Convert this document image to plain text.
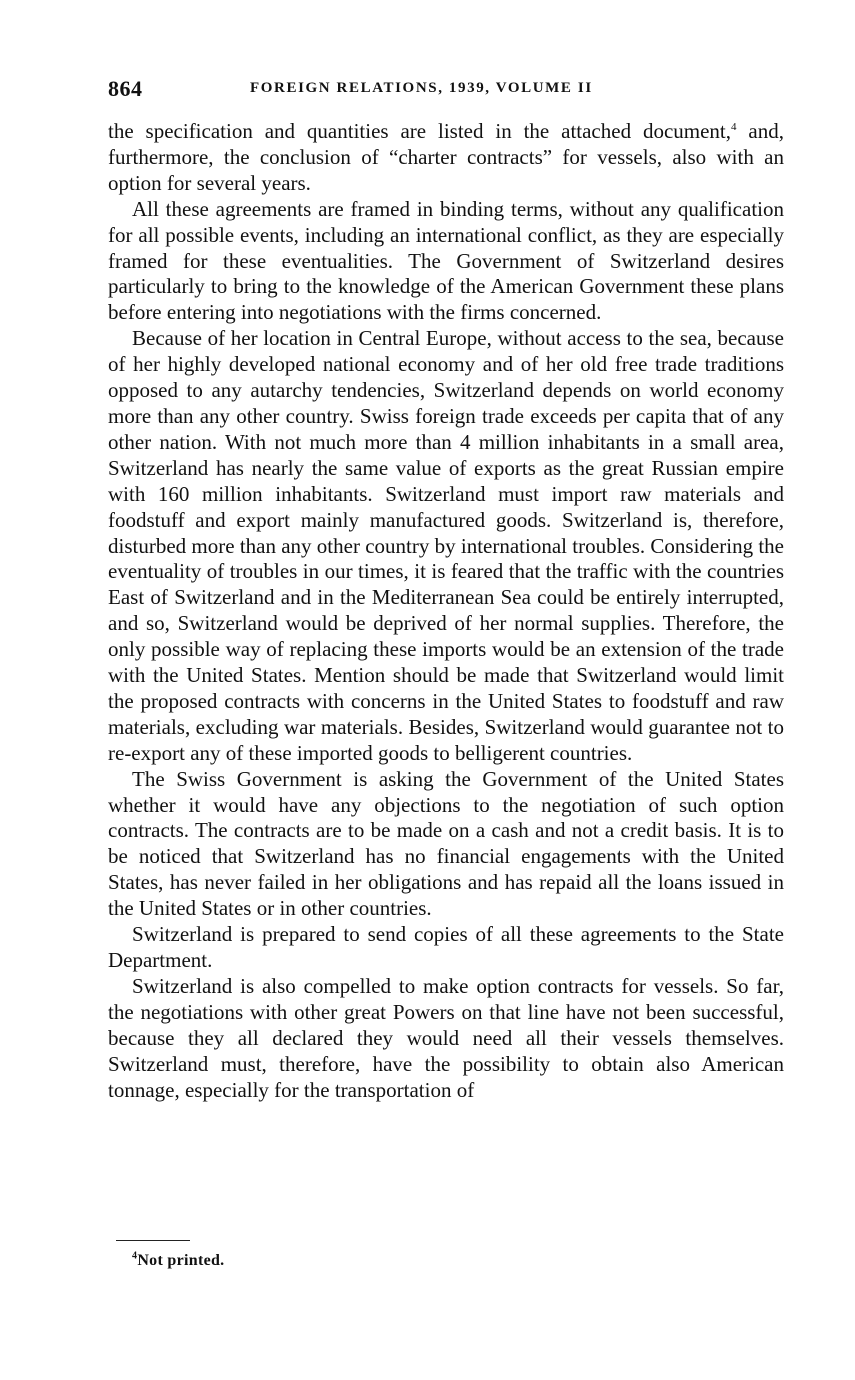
864	FOREIGN RELATIONS, 1939, VOLUME II

the specification and quantities are listed in the attached document,$^4$ and, furthermore, the conclusion of “charter contracts” for vessels, also with an option for several years.

All these agreements are framed in binding terms, without any qualification for all possible events, including an international conflict, as they are especially framed for these eventualities. The Government of Switzerland desires particularly to bring to the knowledge of the American Government these plans before entering into negotiations with the firms concerned.

Because of her location in Central Europe, without access to the sea, because of her highly developed national economy and of her old free trade traditions opposed to any autarchy tendencies, Switzerland depends on world economy more than any other country. Swiss foreign trade exceeds per capita that of any other nation. With not much more than 4 million inhabitants in a small area, Switzerland has nearly the same value of exports as the great Russian empire with 160 million inhabitants. Switzerland must import raw materials and foodstuff and export mainly manufactured goods. Switzerland is, therefore, disturbed more than any other country by international troubles. Considering the eventuality of troubles in our times, it is feared that the traffic with the countries East of Switzerland and in the Mediterranean Sea could be entirely interrupted, and so, Switzerland would be deprived of her normal supplies. Therefore, the only possible way of replacing these imports would be an extension of the trade with the United States. Mention should be made that Switzerland would limit the proposed contracts with concerns in the United States to foodstuff and raw materials, excluding war materials. Besides, Switzerland would guarantee not to re-export any of these imported goods to belligerent countries.

The Swiss Government is asking the Government of the United States whether it would have any objections to the negotiation of such option contracts. The contracts are to be made on a cash and not a credit basis. It is to be noticed that Switzerland has no financial engagements with the United States, has never failed in her obligations and has repaid all the loans issued in the United States or in other countries.

Switzerland is prepared to send copies of all these agreements to the State Department.

Switzerland is also compelled to make option contracts for vessels. So far, the negotiations with other great Powers on that line have not been successful, because they all declared they would need all their vessels themselves. Switzerland must, therefore, have the possibility to obtain also American tonnage, especially for the transportation of

$^4$Not printed.
